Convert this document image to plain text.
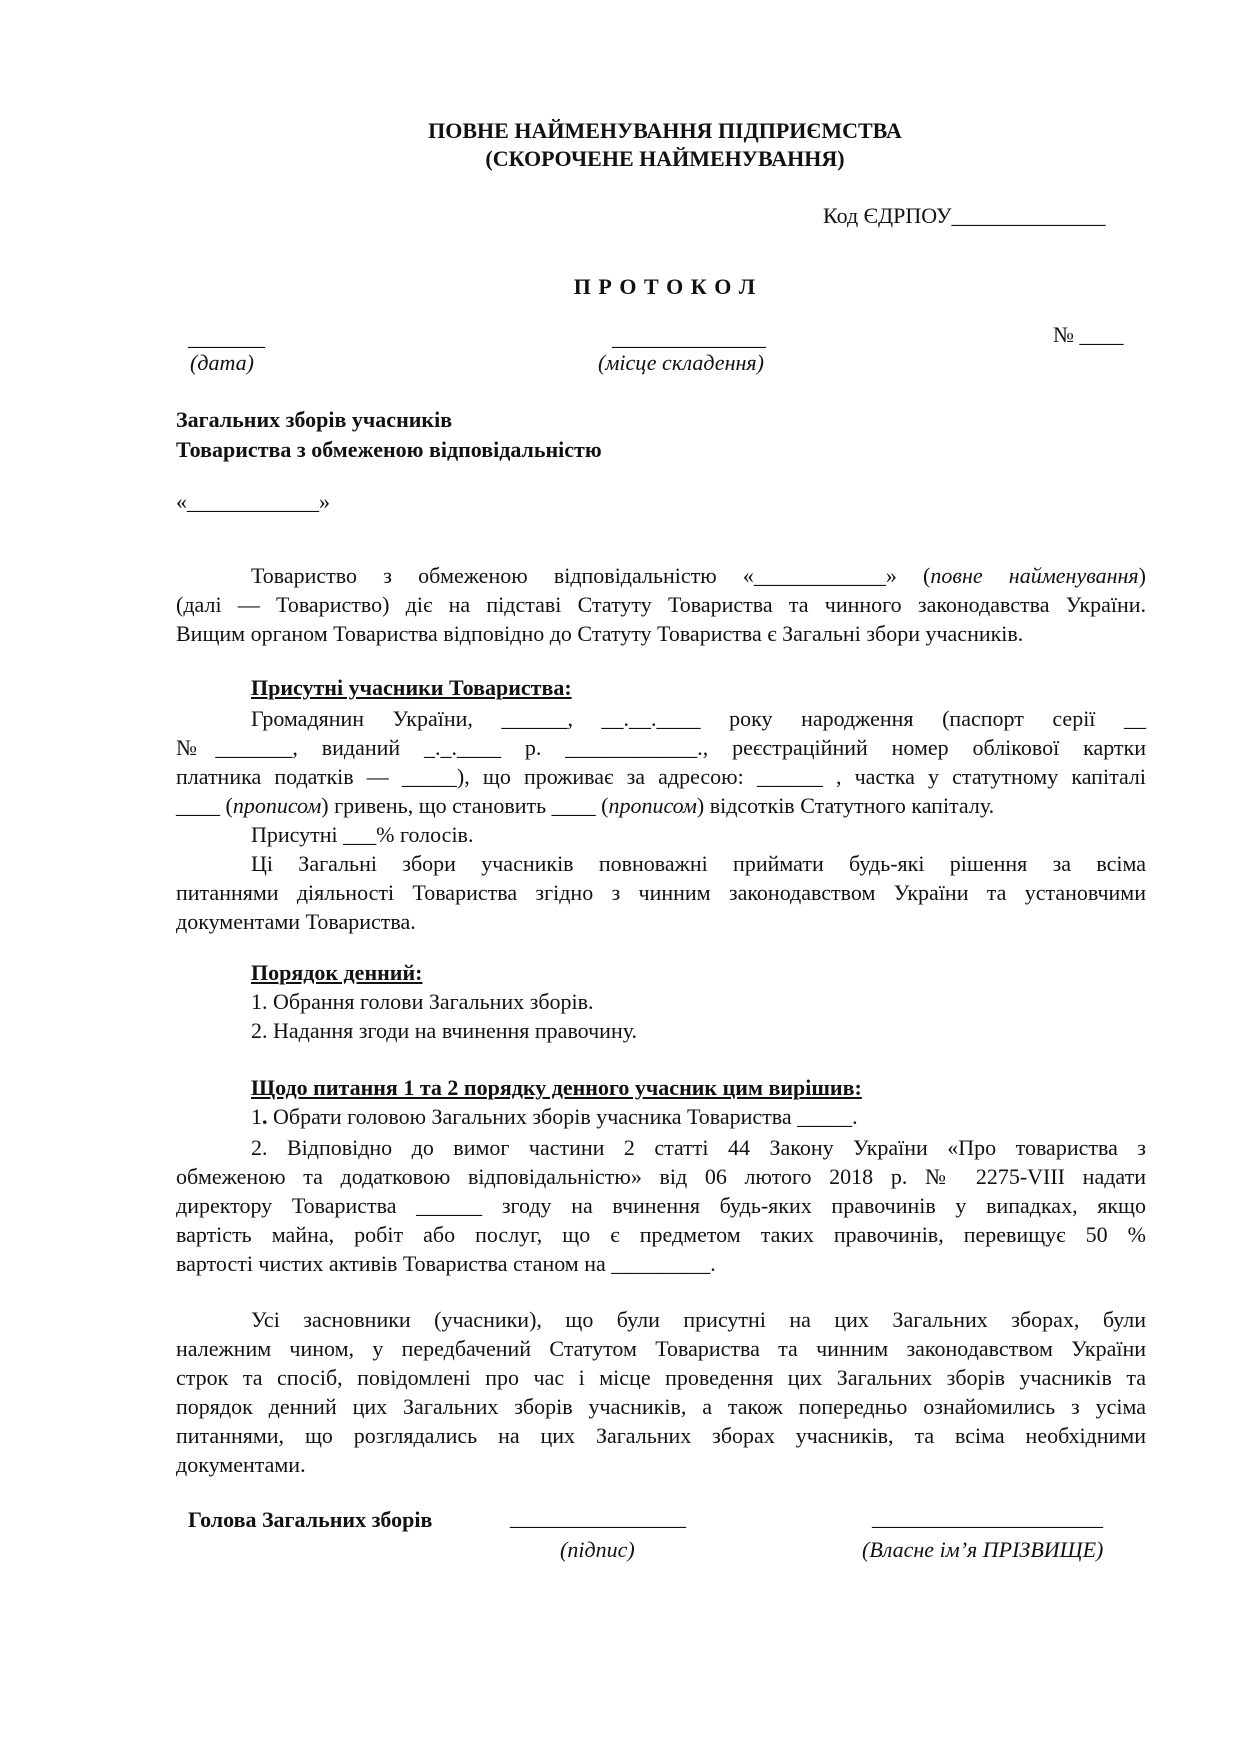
ПОВНЕ НАЙМЕНУВАННЯ ПІДПРИЄМСТВА
(СКОРОЧЕНЕ НАЙМЕНУВАННЯ)
Код ЄДРПОУ______________
П Р О Т О К О Л
_______	______________	№ ____
(дата)	(місце складення)
Загальних зборів учасників
Товариства з обмеженою відповідальністю
«____________»
Товариство з обмеженою відповідальністю «____________» (повне найменування)
(далі — Товариство) діє на підставі Статуту Товариства та чинного законодавства України.
Вищим органом Товариства відповідно до Статуту Товариства є Загальні збори учасників.
Присутні учасники Товариства:
Громадянин України, ______, __.__.____ року народження (паспорт серії __
№_______, виданий _._.____ р. ____________., реєстраційний номер облікової картки
платника податків — _____), що проживає за адресою: ______ , частка у статутному капіталі
____ (прописом) гривень, що становить ____ (прописом) відсотків Статутного капіталу.
Присутні ___% голосів.
Ці Загальні збори учасників повноважні приймати будь-які рішення за всіма
питаннями діяльності Товариства згідно з чинним законодавством України та установчими
документами Товариства.
Порядок денний:
1. Обрання голови Загальних зборів.
2. Надання згоди на вчинення правочину.
Щодо питання 1 та 2 порядку денного учасник цим вирішив:
1. Обрати головою Загальних зборів учасника Товариства _____.
2. Відповідно до вимог частини 2 статті 44 Закону України «Про товариства з
обмеженою та додатковою відповідальністю» від 06 лютого 2018 р. № 2275-VIII надати
директору Товариства ______ згоду на вчинення будь-яких правочинів у випадках, якщо
вартість майна, робіт або послуг, що є предметом таких правочинів, перевищує 50 %
вартості чистих активів Товариства станом на _________.
Усі засновники (учасники), що були присутні на цих Загальних зборах, були
належним чином, у передбачений Статутом Товариства та чинним законодавством України
строк та спосіб, повідомлені про час і місце проведення цих Загальних зборів учасників та
порядок денний цих Загальних зборів учасників, а також попередньо ознайомились з усіма
питаннями, що розглядались на цих Загальних зборах учасників, та всіма необхідними
документами.
Голова Загальних зборів	________________	_____________________
(підпис)	(Власне ім’я ПРІЗВИЩЕ)
